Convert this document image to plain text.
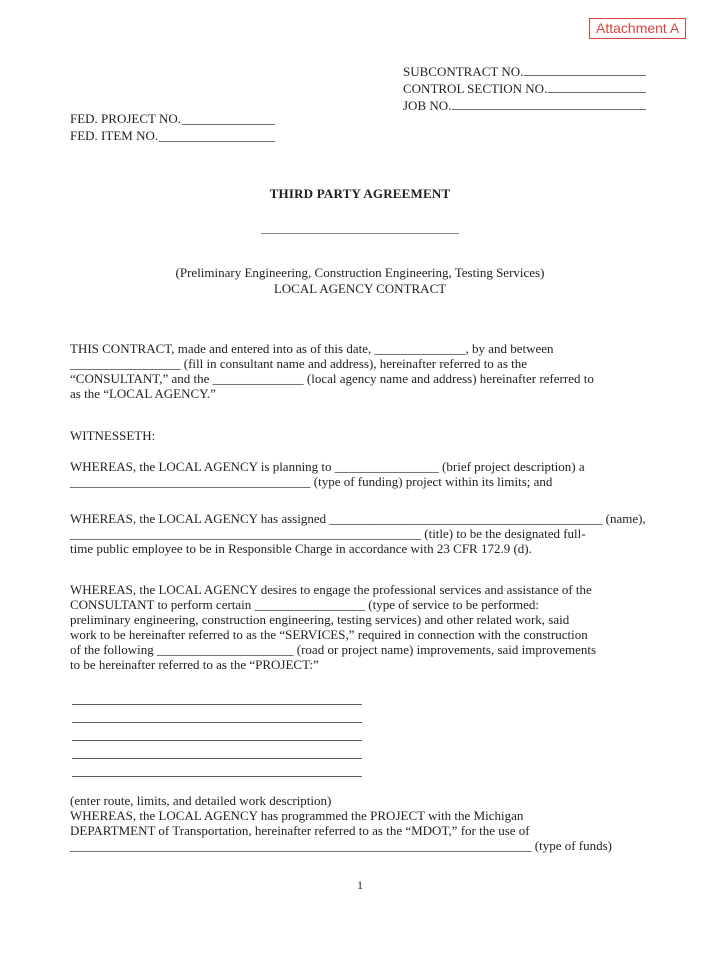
Attachment A
SUBCONTRACT NO.
CONTROL SECTION NO.
JOB NO.
FED. PROJECT NO.
FED. ITEM NO.
THIRD PARTY AGREEMENT
(Preliminary Engineering, Construction Engineering, Testing Services)
LOCAL AGENCY CONTRACT
THIS CONTRACT, made and entered into as of this date, ______________, by and between
_________________ (fill in consultant name and address), hereinafter referred to as the
“CONSULTANT,” and the ______________ (local agency name and address) hereinafter referred to
as the “LOCAL AGENCY.”
WITNESSETH:
WHEREAS, the LOCAL AGENCY is planning to ________________ (brief project description) a
_____________________________________ (type of funding) project within its limits; and
WHEREAS, the LOCAL AGENCY has assigned __________________________________________ (name),
______________________________________________________ (title) to be the designated full-
time public employee to be in Responsible Charge in accordance with 23 CFR 172.9 (d).
WHEREAS, the LOCAL AGENCY desires to engage the professional services and assistance of the
CONSULTANT to perform certain _________________ (type of service to be performed:
preliminary engineering, construction engineering, testing services) and other related work, said
work to be hereinafter referred to as the “SERVICES,” required in connection with the construction
of the following _____________________ (road or project name) improvements, said improvements
to be hereinafter referred to as the “PROJECT:”
(enter route, limits, and detailed work description)
WHEREAS, the LOCAL AGENCY has programmed the PROJECT with the Michigan
DEPARTMENT of Transportation, hereinafter referred to as the “MDOT,” for the use of
_______________________________________________________________________ (type of funds)
1
